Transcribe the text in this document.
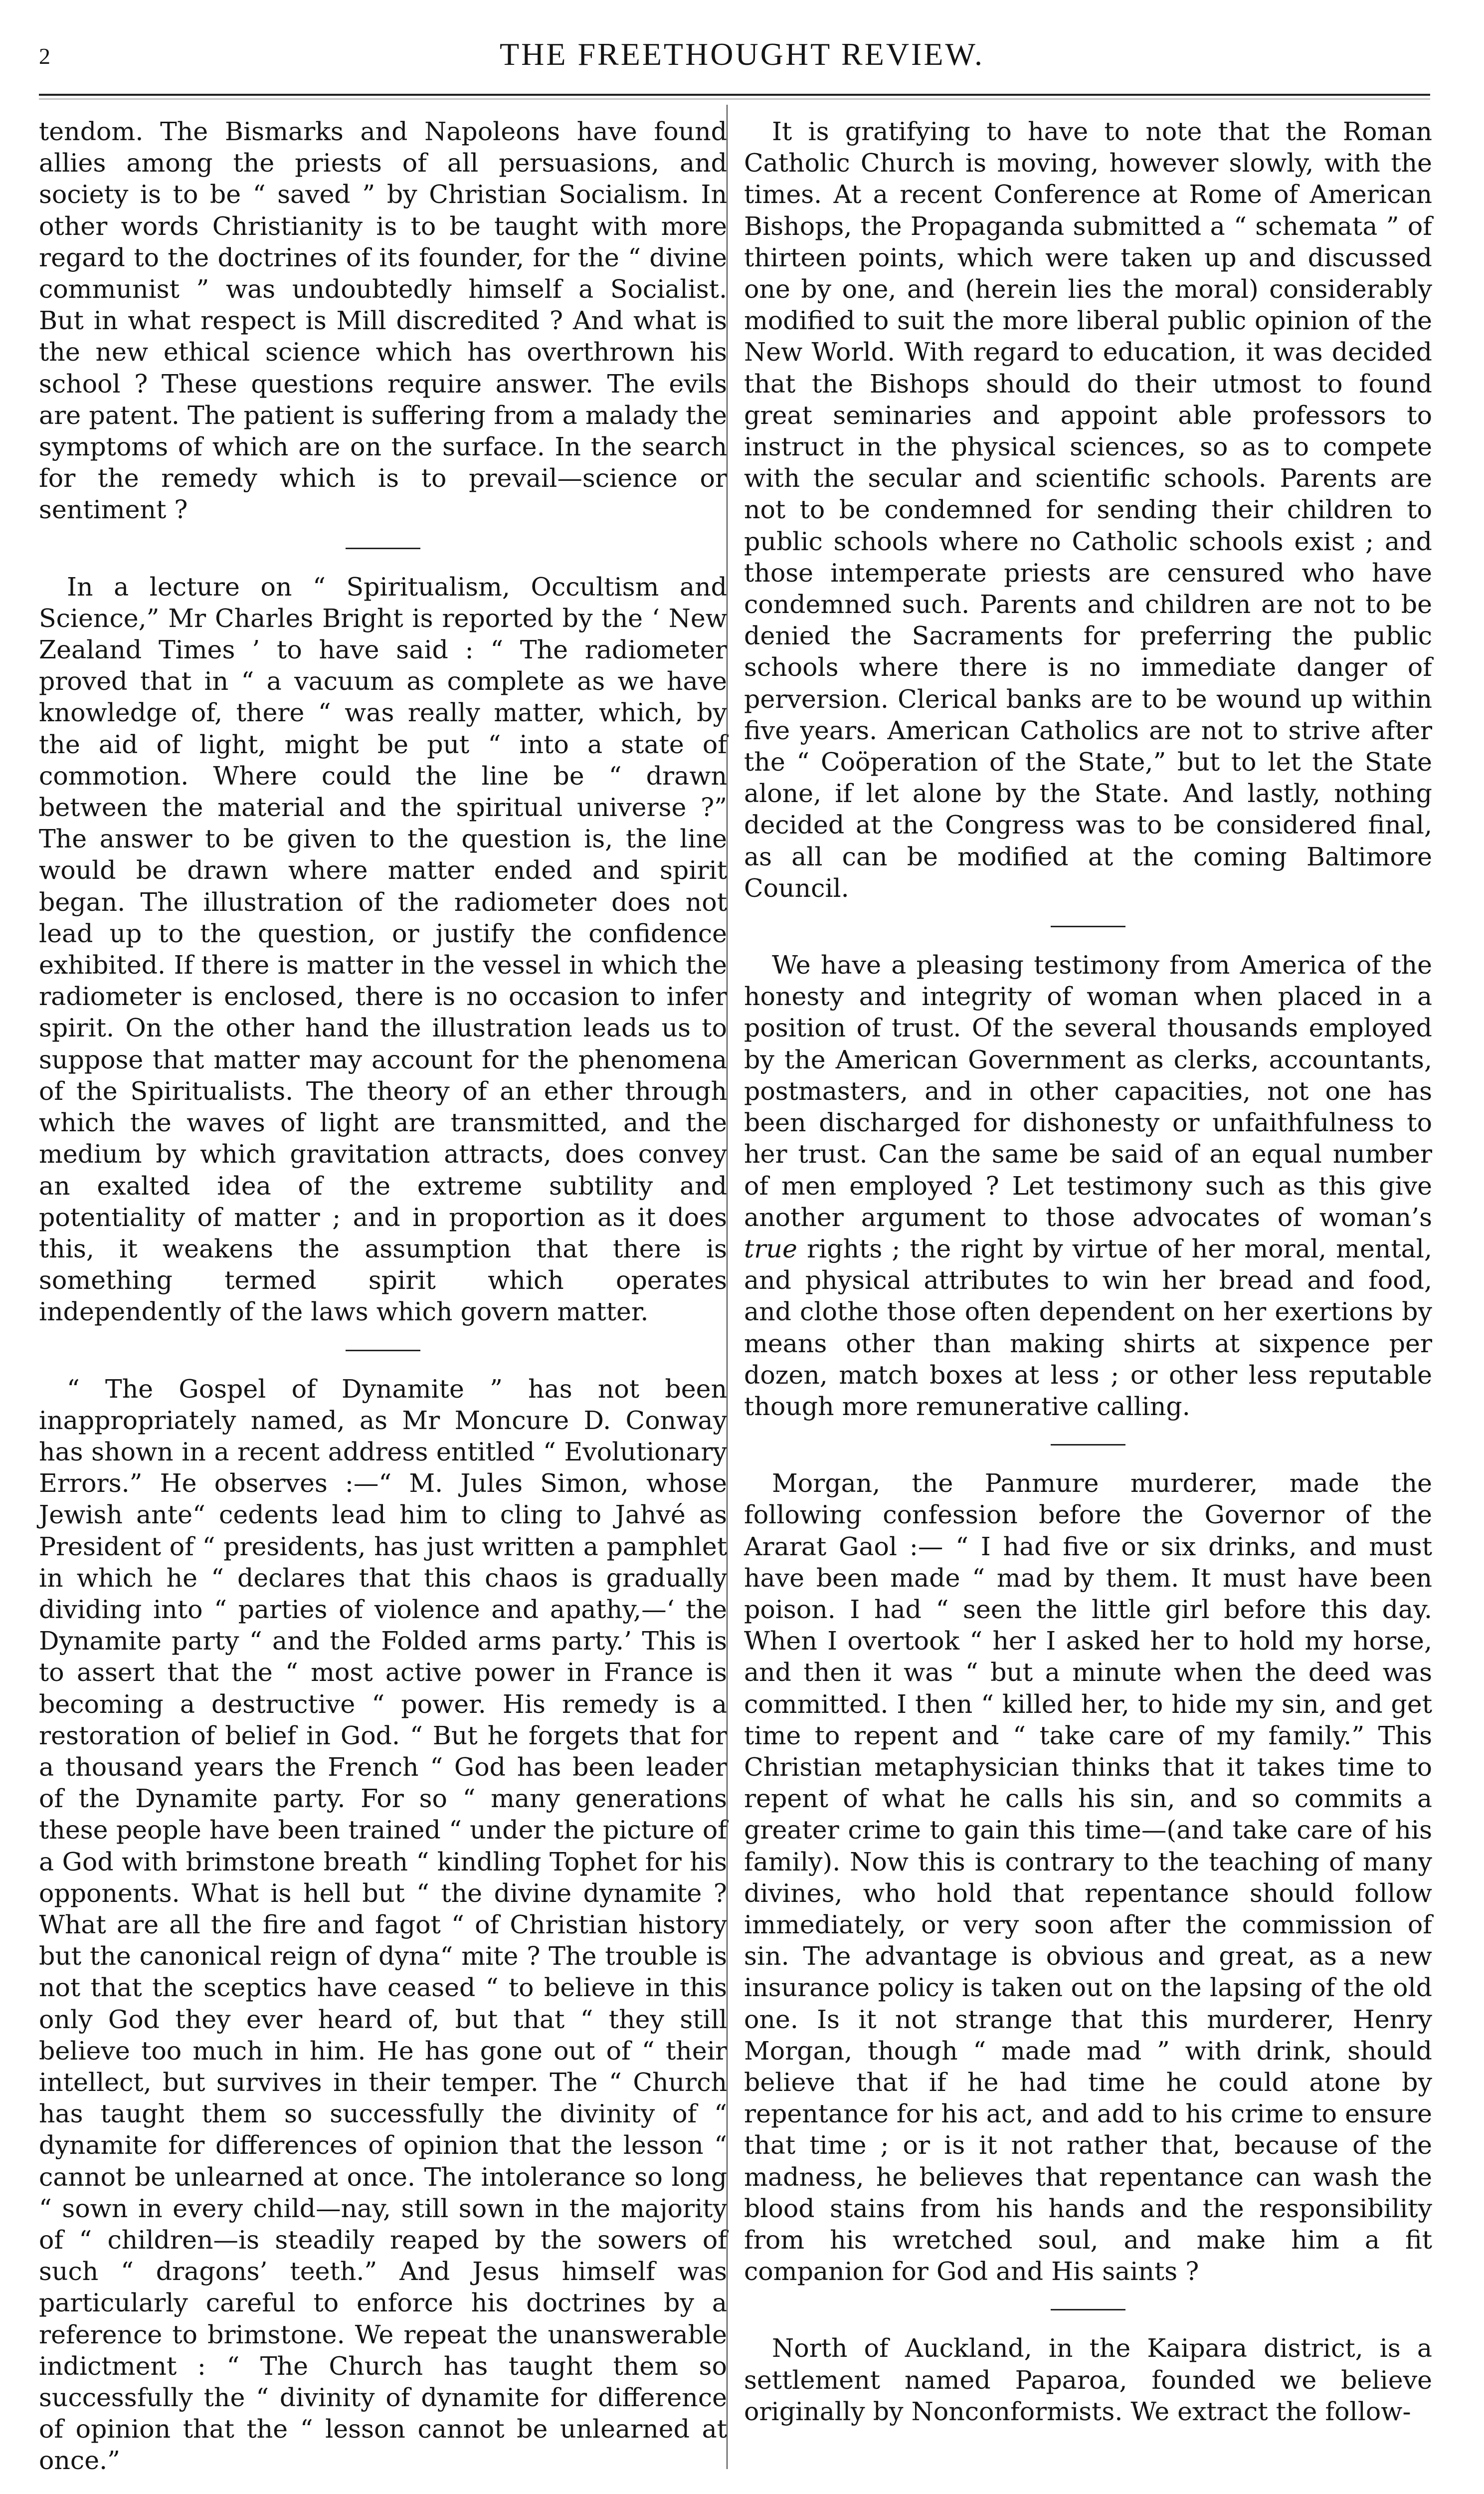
2	THE FREETHOUGHT REVIEW.

tendom. The Bismarks and Napoleons have found allies among the priests of all persuasions, and society is to be “ saved ” by Christian Socialism. In other words Christianity is to be taught with more regard to the doctrines of its founder, for the “ divine communist ” was undoubtedly himself a Socialist. But in what respect is Mill discredited ? And what is the new ethical science which has overthrown his school ? These questions require answer. The evils are patent. The patient is suffering from a malady the symptoms of which are on the surface. In the search for the remedy which is to prevail—science or sentiment ?

In a lecture on “ Spiritualism, Occultism and Science,” Mr Charles Bright is reported by the ‘ New Zealand Times ’ to have said : “ The radiometer proved that in “ a vacuum as complete as we have knowledge of, there “ was really matter, which, by the aid of light, might be put “ into a state of commotion. Where could the line be “ drawn between the material and the spiritual universe ?” The answer to be given to the question is, the line would be drawn where matter ended and spirit began. The illustration of the radiometer does not lead up to the question, or justify the confidence exhibited. If there is matter in the vessel in which the radiometer is enclosed, there is no occasion to infer spirit. On the other hand the illustration leads us to suppose that matter may account for the phenomena of the Spiritualists. The theory of an ether through which the waves of light are transmitted, and the medium by which gravitation attracts, does convey an exalted idea of the extreme subtility and potentiality of matter ; and in proportion as it does this, it weakens the assumption that there is something termed spirit which operates independently of the laws which govern matter.

“ The Gospel of Dynamite ” has not been inappropriately named, as Mr Moncure D. Conway has shown in a recent address entitled “ Evolutionary Errors.” He observes :—“ M. Jules Simon, whose Jewish ante“ cedents lead him to cling to Jahvé as President of “ presidents, has just written a pamphlet in which he “ declares that this chaos is gradually dividing into “ parties of violence and apathy,—‘ the Dynamite party “ and the Folded arms party.’ This is to assert that the “ most active power in France is becoming a destructive “ power. His remedy is a restoration of belief in God. “ But he forgets that for a thousand years the French “ God has been leader of the Dynamite party. For so “ many generations these people have been trained “ under the picture of a God with brimstone breath “ kindling Tophet for his opponents. What is hell but “ the divine dynamite ? What are all the fire and fagot “ of Christian history but the canonical reign of dyna“ mite ? The trouble is not that the sceptics have ceased “ to believe in this only God they ever heard of, but that “ they still believe too much in him. He has gone out of “ their intellect, but survives in their temper. The “ Church has taught them so successfully the divinity of “ dynamite for differences of opinion that the lesson “ cannot be unlearned at once. The intolerance so long “ sown in every child—nay, still sown in the majority of “ children—is steadily reaped by the sowers of such “ dragons’ teeth.” And Jesus himself was particularly careful to enforce his doctrines by a reference to brimstone. We repeat the unanswerable indictment : “ The Church has taught them so successfully the “ divinity of dynamite for difference of opinion that the “ lesson cannot be unlearned at once.”

It is gratifying to have to note that the Roman Catholic Church is moving, however slowly, with the times. At a recent Conference at Rome of American Bishops, the Propaganda submitted a “ schemata ” of thirteen points, which were taken up and discussed one by one, and (herein lies the moral) considerably modified to suit the more liberal public opinion of the New World. With regard to education, it was decided that the Bishops should do their utmost to found great seminaries and appoint able professors to instruct in the physical sciences, so as to compete with the secular and scientific schools. Parents are not to be condemned for sending their children to public schools where no Catholic schools exist ; and those intemperate priests are censured who have condemned such. Parents and children are not to be denied the Sacraments for preferring the public schools where there is no immediate danger of perversion. Clerical banks are to be wound up within five years. American Catholics are not to strive after the “ Coöperation of the State,” but to let the State alone, if let alone by the State. And lastly, nothing decided at the Congress was to be considered final, as all can be modified at the coming Baltimore Council.

We have a pleasing testimony from America of the honesty and integrity of woman when placed in a position of trust. Of the several thousands employed by the American Government as clerks, accountants, postmasters, and in other capacities, not one has been discharged for dishonesty or unfaithfulness to her trust. Can the same be said of an equal number of men employed ? Let testimony such as this give another argument to those advocates of woman’s true rights ; the right by virtue of her moral, mental, and physical attributes to win her bread and food, and clothe those often dependent on her exertions by means other than making shirts at sixpence per dozen, match boxes at less ; or other less reputable though more remunerative calling.

Morgan, the Panmure murderer, made the following confession before the Governor of the Ararat Gaol :— “ I had five or six drinks, and must have been made “ mad by them. It must have been poison. I had “ seen the little girl before this day. When I overtook “ her I asked her to hold my horse, and then it was “ but a minute when the deed was committed. I then “ killed her, to hide my sin, and get time to repent and “ take care of my family.” This Christian metaphysician thinks that it takes time to repent of what he calls his sin, and so commits a greater crime to gain this time—(and take care of his family). Now this is contrary to the teaching of many divines, who hold that repentance should follow immediately, or very soon after the commission of sin. The advantage is obvious and great, as a new insurance policy is taken out on the lapsing of the old one. Is it not strange that this murderer, Henry Morgan, though “ made mad ” with drink, should believe that if he had time he could atone by repentance for his act, and add to his crime to ensure that time ; or is it not rather that, because of the madness, he believes that repentance can wash the blood stains from his hands and the responsibility from his wretched soul, and make him a fit companion for God and His saints ?

North of Auckland, in the Kaipara district, is a settlement named Paparoa, founded we believe originally by Nonconformists. We extract the follow-
